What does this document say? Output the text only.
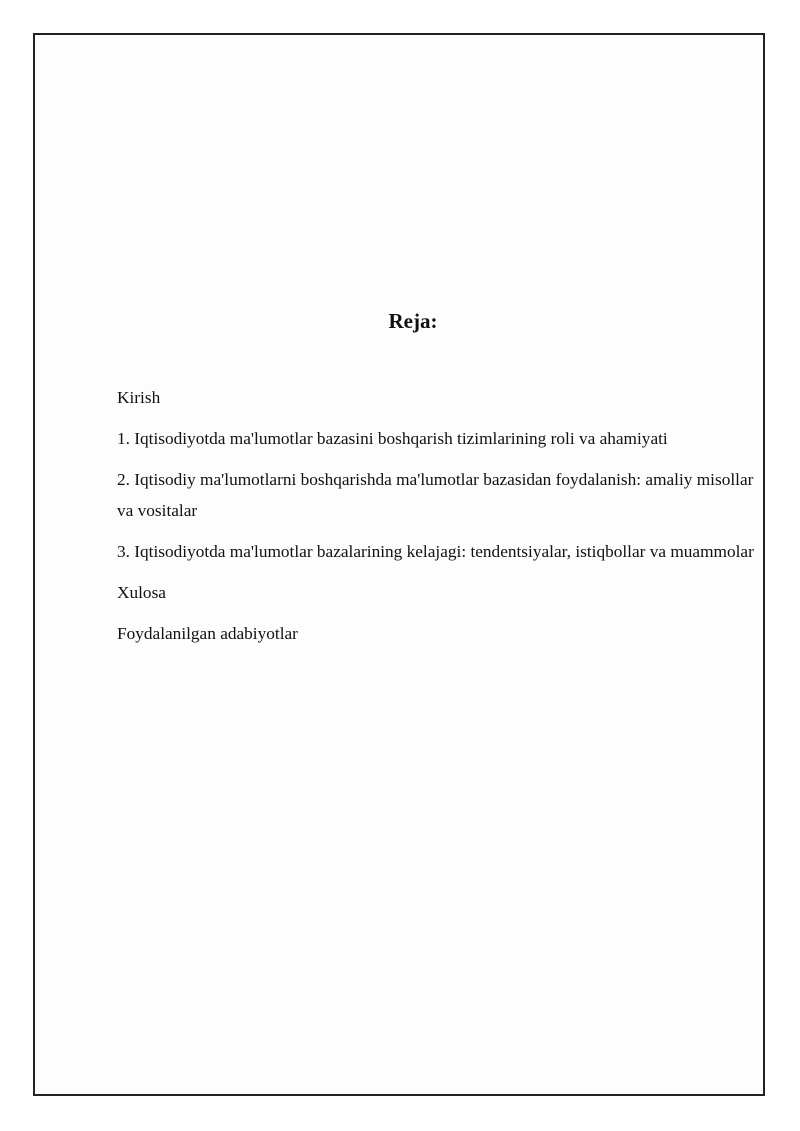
Reja:
Kirish
1. Iqtisodiyotda ma'lumotlar bazasini boshqarish tizimlarining roli va ahamiyati
2. Iqtisodiy ma'lumotlarni boshqarishda ma'lumotlar bazasidan foydalanish: amaliy misollar va vositalar
3. Iqtisodiyotda ma'lumotlar bazalarining kelajagi: tendentsiyalar, istiqbollar va muammolar
Xulosa
Foydalanilgan adabiyotlar
